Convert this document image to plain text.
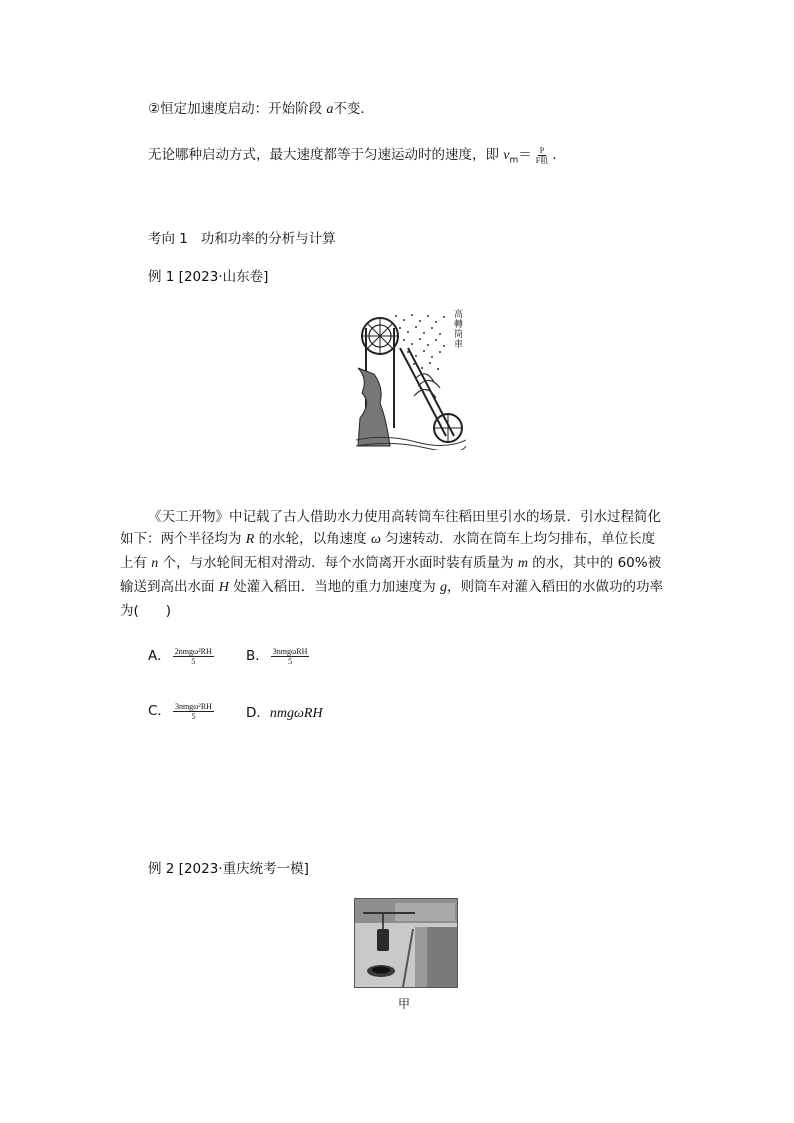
②恒定加速度启动：开始阶段 a不变．
无论哪种启动方式，最大速度都等于匀速运动时的速度，即 $v_m= \frac{P}{\text{F阻}}$ .
考向 1 功和功率的分析与计算
例 1 [2023·山东卷]
高轉筒車
《天工开物》中记载了古人借助水力使用高转筒车往稻田里引水的场景．引水过程简化
如下：两个半径均为 R 的水轮，以角速度 ω 匀速转动．水筒在筒车上均匀排布，单位长度
上有 n 个，与水轮间无相对滑动．每个水筒离开水面时装有质量为 m 的水，其中的 60%被
输送到高出水面 H 处灌入稻田．当地的重力加速度为 g，则筒车对灌入稻田的水做功的功率
为(　　)
A． $\frac{\text{2nmgω²RH}}{5}$ B． $\frac{\text{3nmgωRH}}{5}$
C． $\frac{\text{3nmgω²RH}}{5}$ D．nmgωRH
例 2 [2023·重庆统考一模]
甲
